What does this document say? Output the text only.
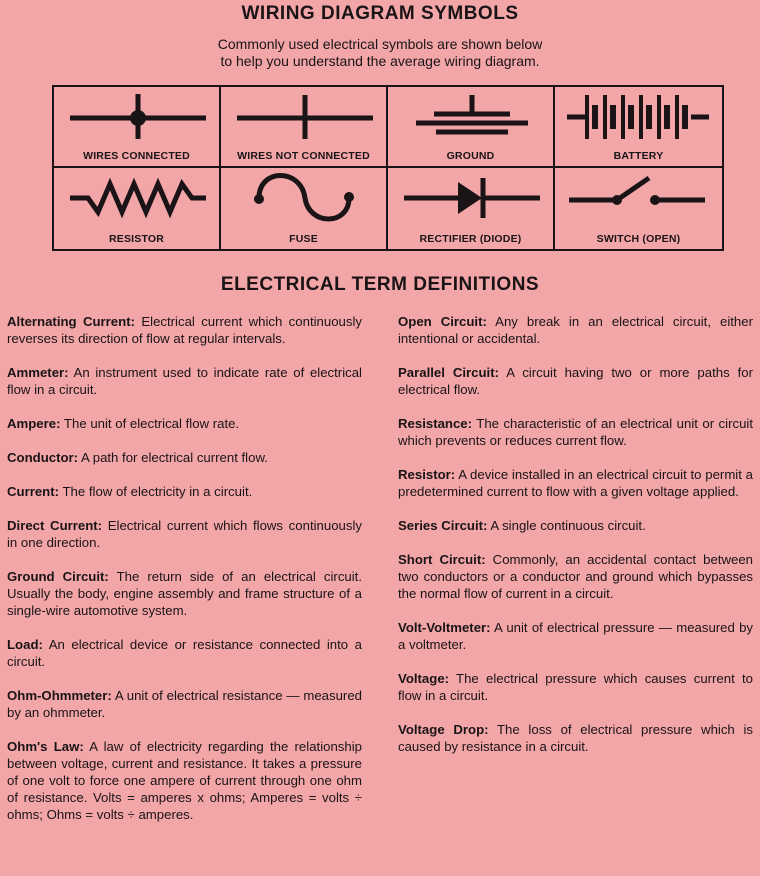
WIRING DIAGRAM SYMBOLS
Commonly used electrical symbols are shown below
to help you understand the average wiring diagram.
WIRES CONNECTED	WIRES NOT CONNECTED	GROUND	BATTERY
RESISTOR	FUSE	RECTIFIER (DIODE)	SWITCH (OPEN)
ELECTRICAL TERM DEFINITIONS

Alternating Current: Electrical current which continuously reverses its direction of flow at regular intervals.

Ammeter: An instrument used to indicate rate of electrical flow in a circuit.

Ampere: The unit of electrical flow rate.

Conductor: A path for electrical current flow.

Current: The flow of electricity in a circuit.

Direct Current: Electrical current which flows continuously in one direction.

Ground Circuit: The return side of an electrical circuit. Usually the body, engine assembly and frame structure of a single-wire automotive system.

Load: An electrical device or resistance connected into a circuit.

Ohm-Ohmmeter: A unit of electrical resistance — measured by an ohmmeter.

Ohm's Law: A law of electricity regarding the relationship between voltage, current and resistance. It takes a pressure of one volt to force one ampere of current through one ohm of resistance. Volts = amperes x ohms; Amperes = volts ÷ ohms; Ohms = volts ÷ amperes.

Open Circuit: Any break in an electrical circuit, either intentional or accidental.

Parallel Circuit: A circuit having two or more paths for electrical flow.

Resistance: The characteristic of an electrical unit or circuit which prevents or reduces current flow.

Resistor: A device installed in an electrical circuit to permit a predetermined current to flow with a given voltage applied.

Series Circuit: A single continuous circuit.

Short Circuit: Commonly, an accidental contact between two conductors or a conductor and ground which bypasses the normal flow of current in a circuit.

Volt-Voltmeter: A unit of electrical pressure — measured by a voltmeter.

Voltage: The electrical pressure which causes current to flow in a circuit.

Voltage Drop: The loss of electrical pressure which is caused by resistance in a circuit.
